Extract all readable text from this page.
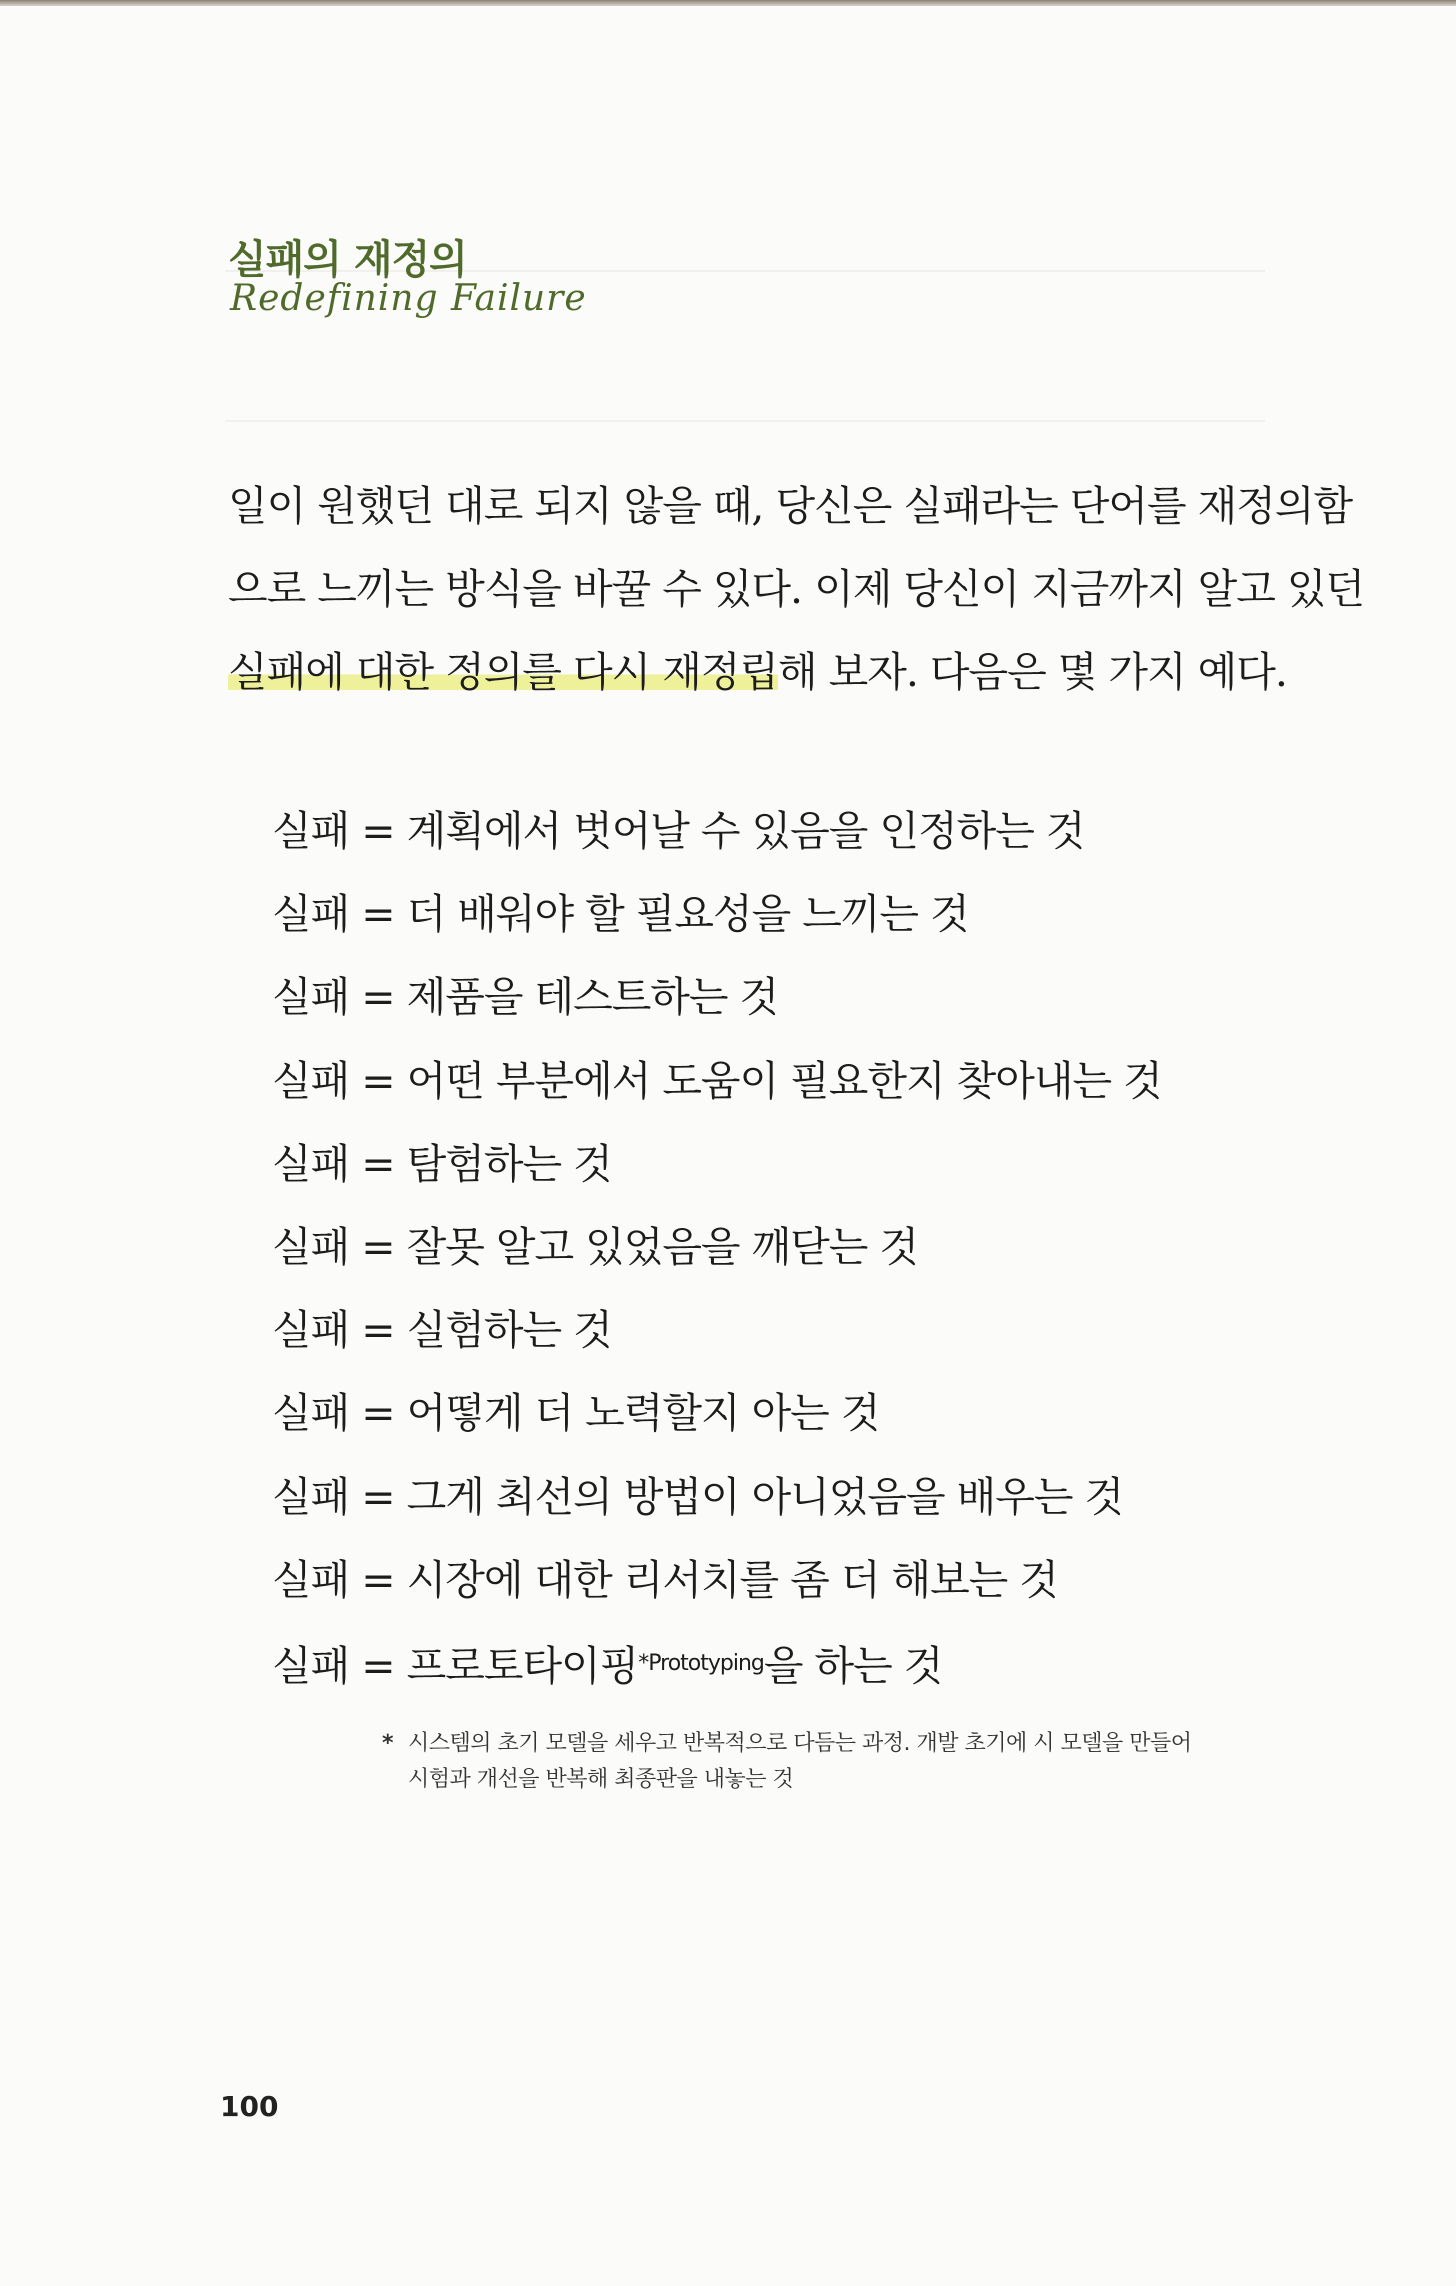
실패의 재정의
Redefining Failure

일이 원했던 대로 되지 않을 때, 당신은 실패라는 단어를 재정의함

으로 느끼는 방식을 바꿀 수 있다. 이제 당신이 지금까지 알고 있던

실패에 대한 정의를 다시 재정립해 보자. 다음은 몇 가지 예다.

실패 = 계획에서 벗어날 수 있음을 인정하는 것
실패 = 더 배워야 할 필요성을 느끼는 것
실패 = 제품을 테스트하는 것
실패 = 어떤 부분에서 도움이 필요한지 찾아내는 것
실패 = 탐험하는 것
실패 = 잘못 알고 있었음을 깨닫는 것
실패 = 실험하는 것
실패 = 어떻게 더 노력할지 아는 것
실패 = 그게 최선의 방법이 아니었음을 배우는 것
실패 = 시장에 대한 리서치를 좀 더 해보는 것
실패 = 프로토타이핑$^{*Prototyping}$을 하는 것
* 시스템의 초기 모델을 세우고 반복적으로 다듬는 과정. 개발 초기에 시 모델을 만들어
시험과 개선을 반복해 최종판을 내놓는 것
100
